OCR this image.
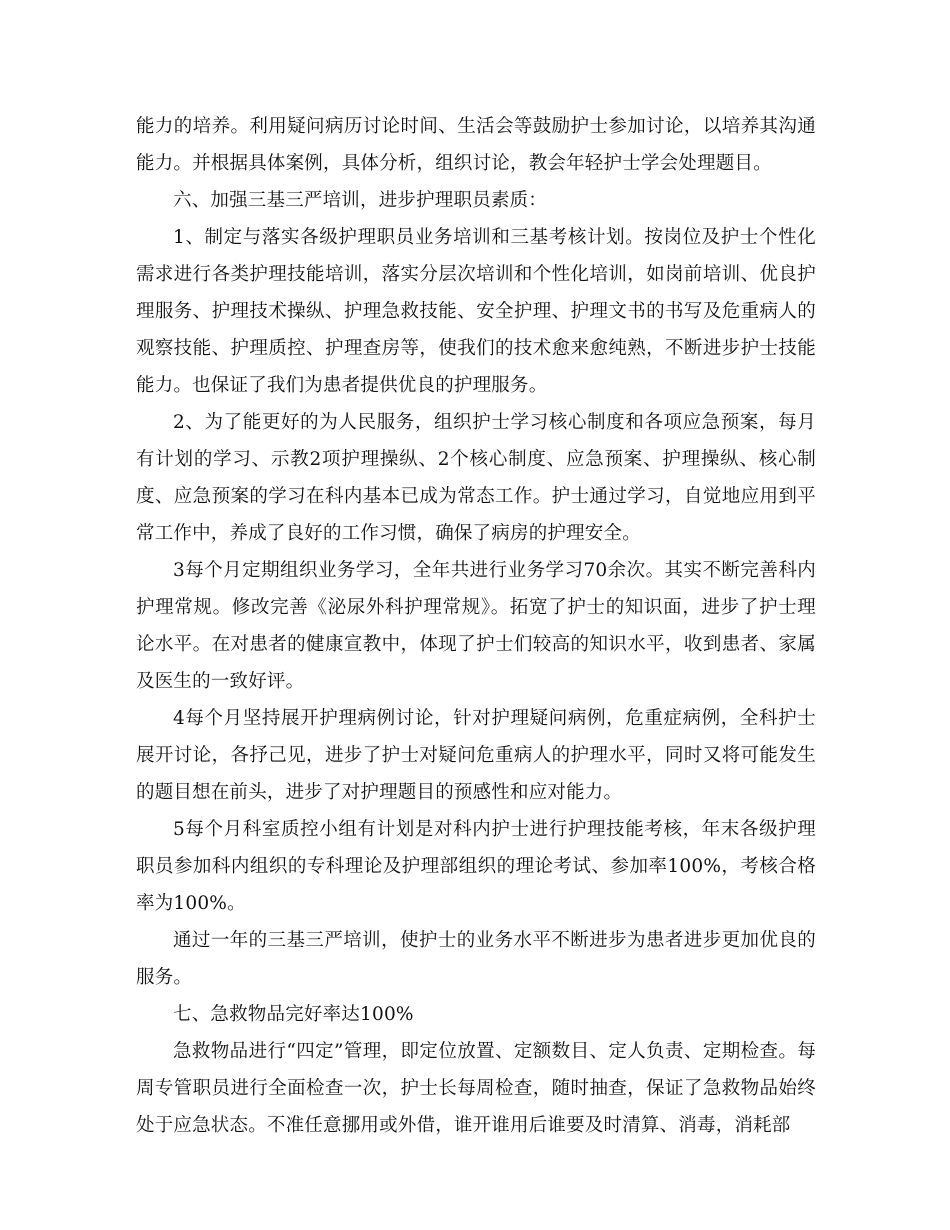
能力的培养。利用疑问病历讨论时间、生活会等鼓励护士参加讨论，以培养其沟通能力。并根据具体案例，具体分析，组织讨论，教会年轻护士学会处理题目。

六、加强三基三严培训，进步护理职员素质：

1、制定与落实各级护理职员业务培训和三基考核计划。按岗位及护士个性化需求进行各类护理技能培训，落实分层次培训和个性化培训，如岗前培训、优良护理服务、护理技术操纵、护理急救技能、安全护理、护理文书的书写及危重病人的观察技能、护理质控、护理查房等，使我们的技术愈来愈纯熟，不断进步护士技能能力。也保证了我们为患者提供优良的护理服务。

2、为了能更好的为人民服务，组织护士学习核心制度和各项应急预案，每月有计划的学习、示教2项护理操纵、2个核心制度、应急预案、护理操纵、核心制度、应急预案的学习在科内基本已成为常态工作。护士通过学习，自觉地应用到平常工作中，养成了良好的工作习惯，确保了病房的护理安全。

3每个月定期组织业务学习，全年共进行业务学习70余次。其实不断完善科内护理常规。修改完善《泌尿外科护理常规》。拓宽了护士的知识面，进步了护士理论水平。在对患者的健康宣教中，体现了护士们较高的知识水平，收到患者、家属及医生的一致好评。

4每个月坚持展开护理病例讨论，针对护理疑问病例，危重症病例，全科护士展开讨论，各抒己见，进步了护士对疑问危重病人的护理水平，同时又将可能发生的题目想在前头，进步了对护理题目的预感性和应对能力。

5每个月科室质控小组有计划是对科内护士进行护理技能考核，年末各级护理职员参加科内组织的专科理论及护理部组织的理论考试、参加率100%，考核合格率为100%。

通过一年的三基三严培训，使护士的业务水平不断进步为患者进步更加优良的服务。

七、急救物品完好率达100%

急救物品进行“四定”管理，即定位放置、定额数目、定人负责、定期检查。每周专管职员进行全面检查一次，护士长每周检查，随时抽查，保证了急救物品始终处于应急状态。不准任意挪用或外借，谁开谁用后谁要及时清算、消毒，消耗部
